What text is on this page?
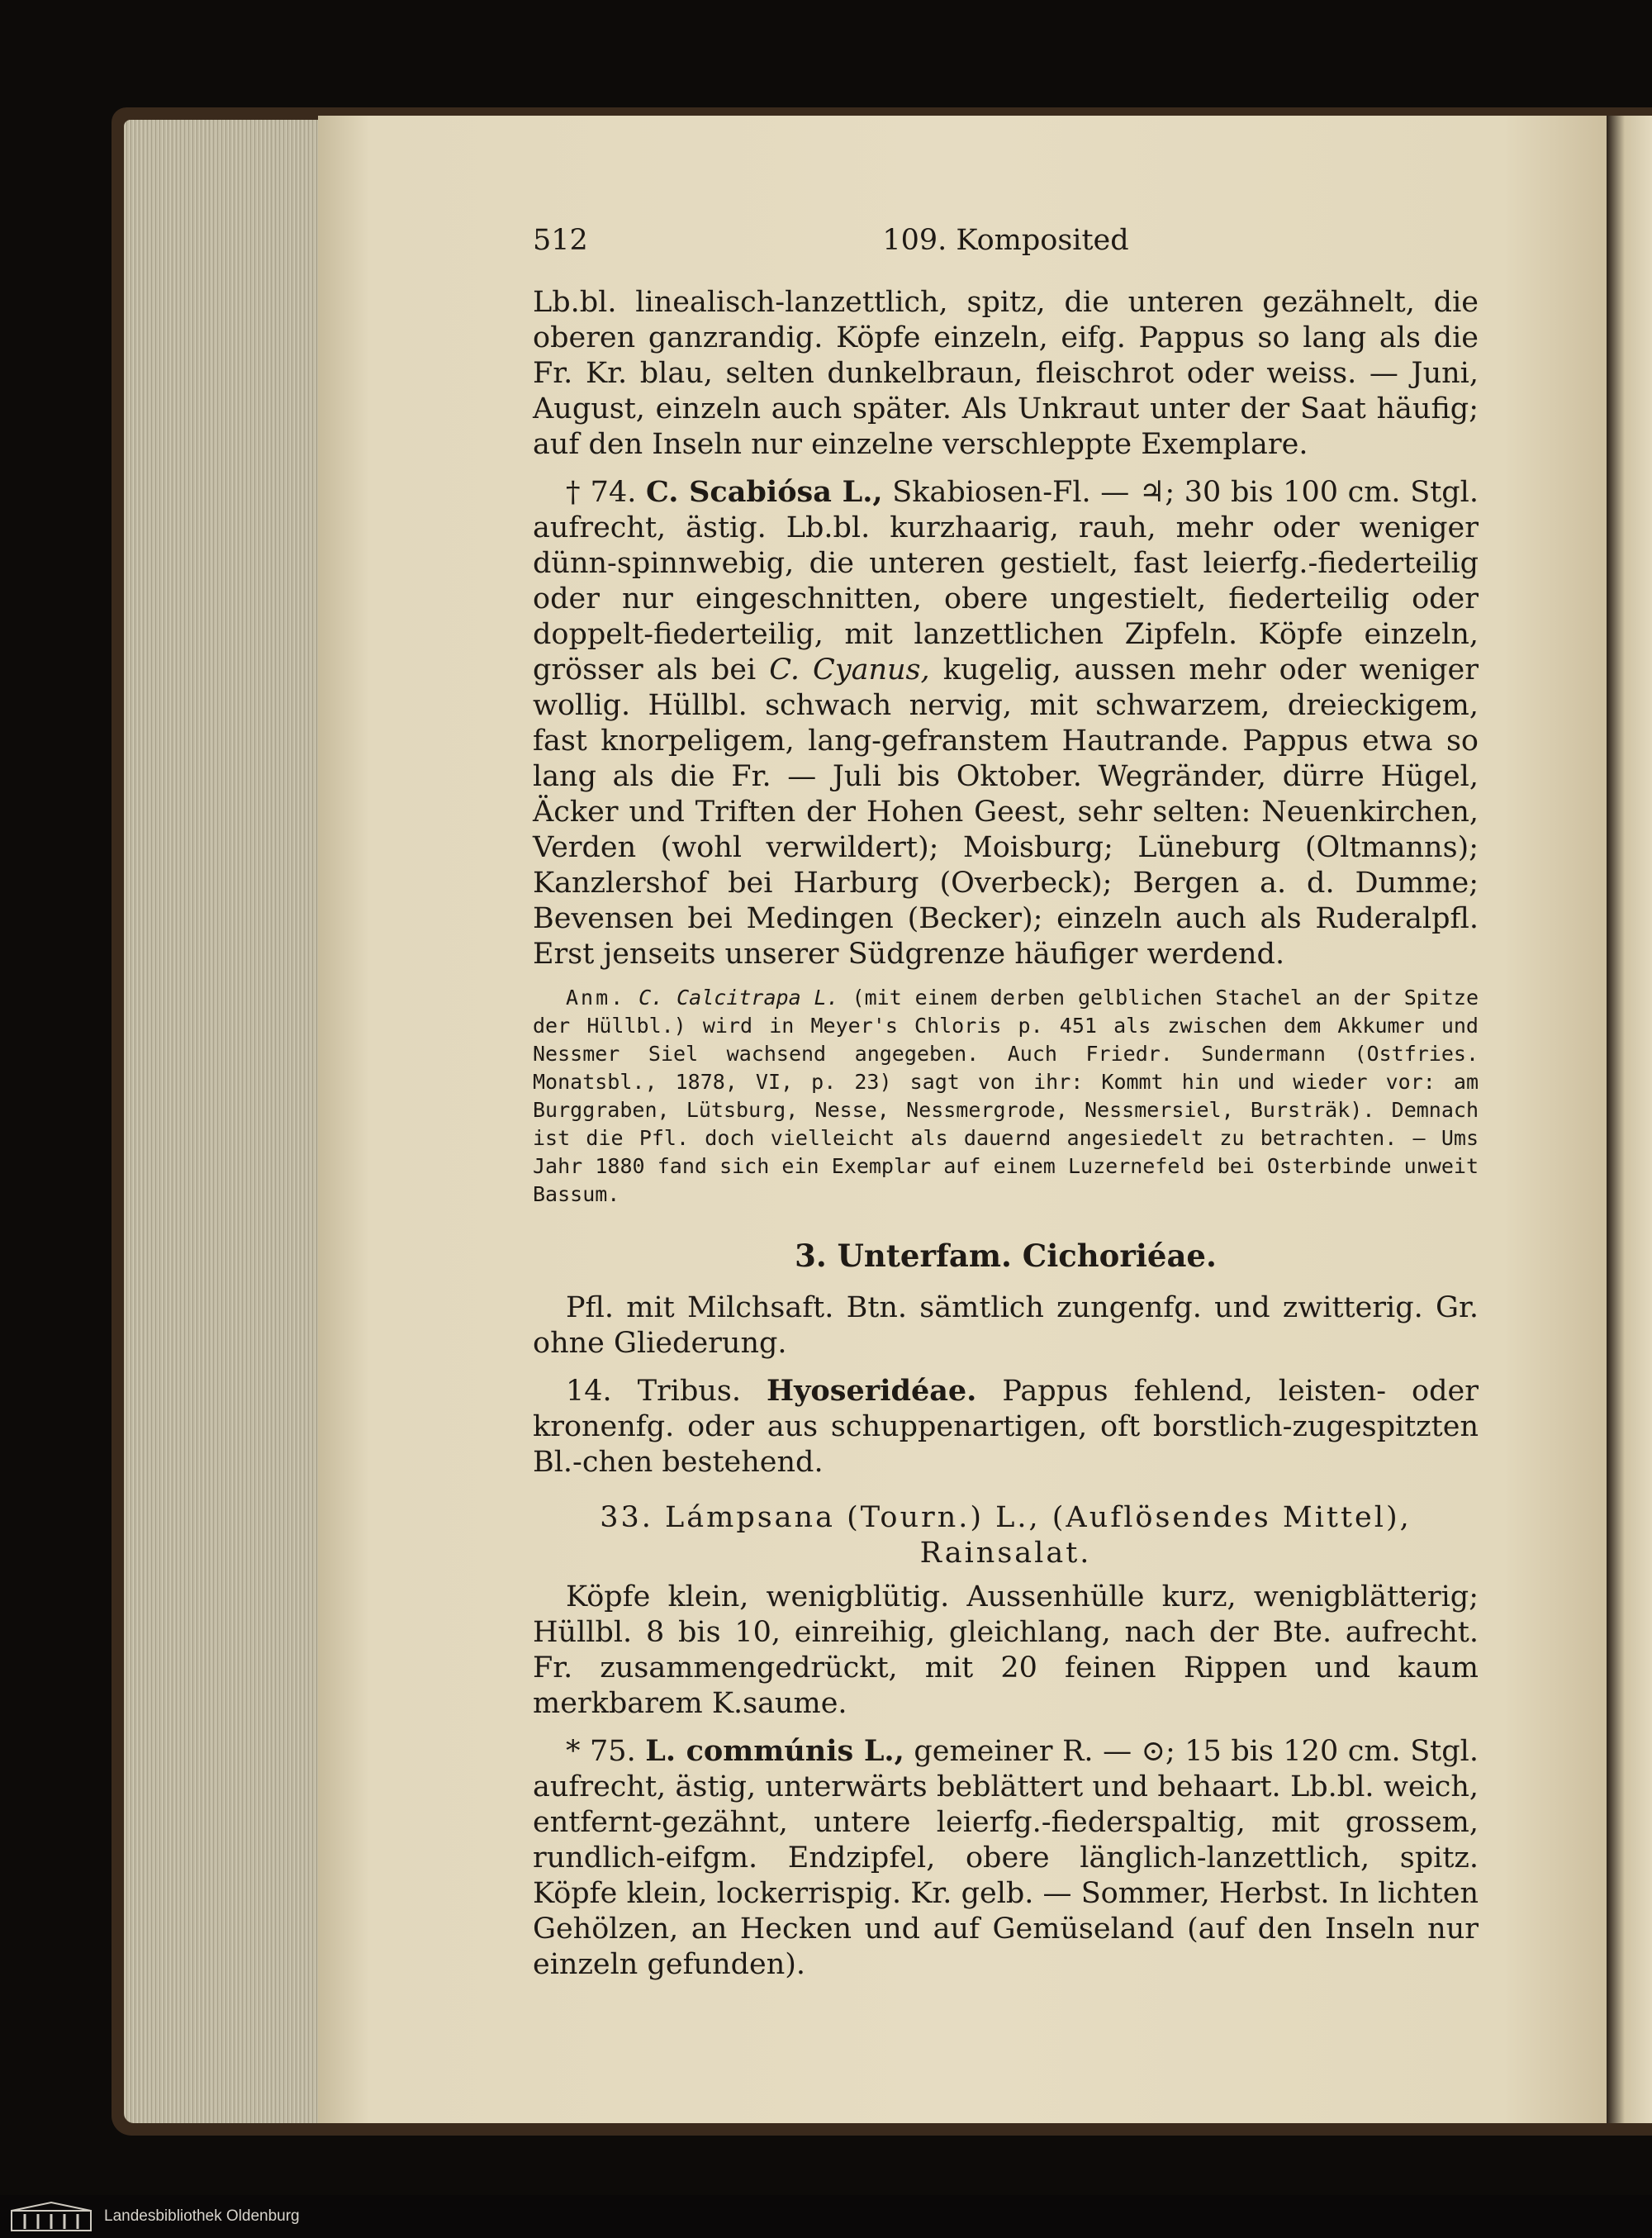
512	109. Komposited

Lb.bl. linealisch-lanzettlich, spitz, die unteren gezähnelt, die oberen ganzrandig. Köpfe einzeln, eifg. Pappus so lang als die Fr. Kr. blau, selten dunkelbraun, fleischrot oder weiss. — Juni, August, einzeln auch später. Als Unkraut unter der Saat häufig; auf den Inseln nur einzelne verschleppte Exemplare.

† 74. C. Scabiósa L., Skabiosen-Fl. — ♃; 30 bis 100 cm. Stgl. aufrecht, ästig. Lb.bl. kurzhaarig, rauh, mehr oder weniger dünn-spinnwebig, die unteren gestielt, fast leierfg.-fiederteilig oder nur eingeschnitten, obere ungestielt, fiederteilig oder doppelt-fiederteilig, mit lanzettlichen Zipfeln. Köpfe einzeln, grösser als bei C. Cyanus, kugelig, aussen mehr oder weniger wollig. Hüllbl. schwach nervig, mit schwarzem, dreieckigem, fast knorpeligem, lang-gefranstem Hautrande. Pappus etwa so lang als die Fr. — Juli bis Oktober. Wegränder, dürre Hügel, Äcker und Triften der Hohen Geest, sehr selten: Neuenkirchen, Verden (wohl verwildert); Moisburg; Lüneburg (Oltmanns); Kanzlershof bei Harburg (Overbeck); Bergen a. d. Dumme; Bevensen bei Medingen (Becker); einzeln auch als Ruderalpfl. Erst jenseits unserer Südgrenze häufiger werdend.

Anm. C. Calcitrapa L. (mit einem derben gelblichen Stachel an der Spitze der Hüllbl.) wird in Meyer's Chloris p. 451 als zwischen dem Akkumer und Nessmer Siel wachsend angegeben. Auch Friedr. Sundermann (Ostfries. Monatsbl., 1878, VI, p. 23) sagt von ihr: Kommt hin und wieder vor: am Burggraben, Lütsburg, Nesse, Nessmergrode, Nessmersiel, Bursträk). Demnach ist die Pfl. doch vielleicht als dauernd angesiedelt zu betrachten. — Ums Jahr 1880 fand sich ein Exemplar auf einem Luzernefeld bei Osterbinde unweit Bassum.

3. Unterfam. Cichoriéae.

Pfl. mit Milchsaft. Btn. sämtlich zungenfg. und zwitterig. Gr. ohne Gliederung.

14. Tribus. Hyoseridéae. Pappus fehlend, leisten- oder kronenfg. oder aus schuppenartigen, oft borstlich-zugespitzten Bl.-chen bestehend.

33. Lámpsana (Tourn.) L., (Auflösendes Mittel),
Rainsalat.

Köpfe klein, wenigblütig. Aussenhülle kurz, wenigblätterig; Hüllbl. 8 bis 10, einreihig, gleichlang, nach der Bte. aufrecht. Fr. zusammengedrückt, mit 20 feinen Rippen und kaum merkbarem K.saume.

* 75. L. commúnis L., gemeiner R. — ⊙; 15 bis 120 cm. Stgl. aufrecht, ästig, unterwärts beblättert und behaart. Lb.bl. weich, entfernt-gezähnt, untere leierfg.-fiederspaltig, mit grossem, rundlich-eifgm. Endzipfel, obere länglich-lanzettlich, spitz. Köpfe klein, lockerrispig. Kr. gelb. — Sommer, Herbst. In lichten Gehölzen, an Hecken und auf Gemüseland (auf den Inseln nur einzeln gefunden).

Landesbibliothek Oldenburg
